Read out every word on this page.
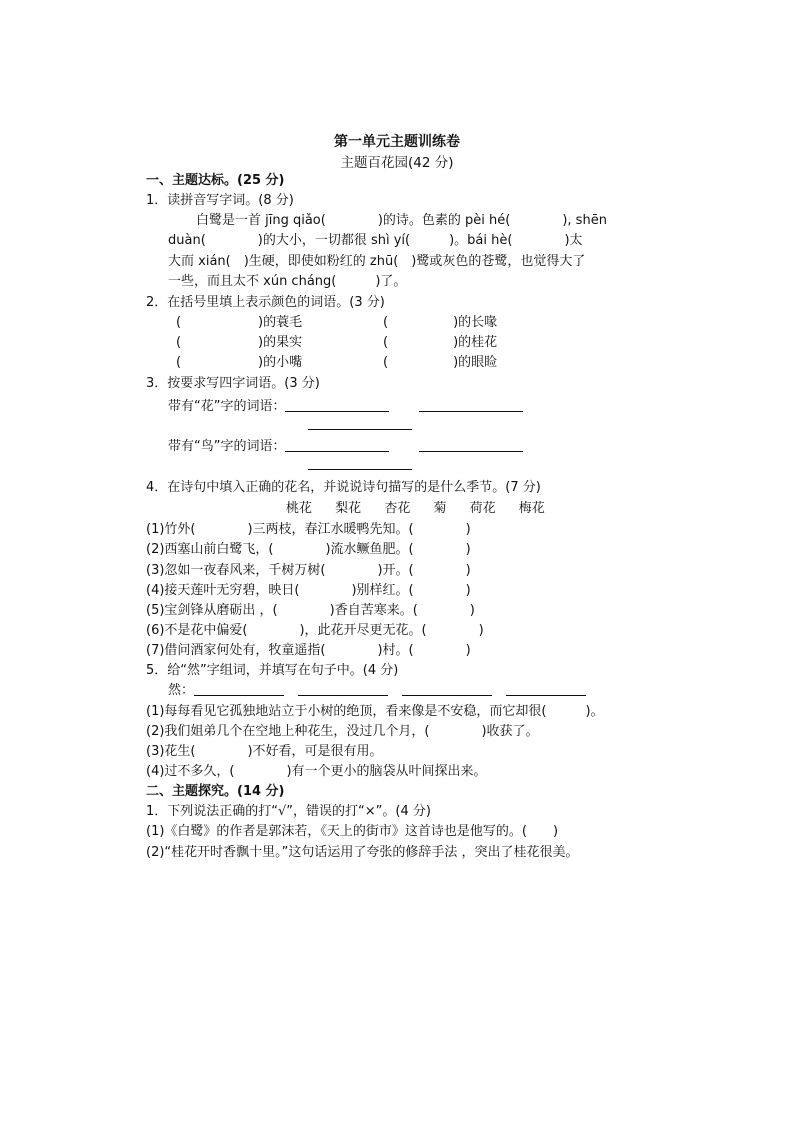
第一单元主题训练卷
主题百花园(42 分)
一、主题达标。(25 分)
1．读拼音写字词。(8 分)
白鹭是一首 jīng qiǎo(　　　　)的诗。色素的 pèi hé(　　　　), shēn
duàn(　　　　)的大小，一切都很 shì yí(　　　)。bái hè(　　　　)太
大而 xián(　)生硬，即使如粉红的 zhū(　)鹭或灰色的苍鹭，也觉得大了
一些，而且太不 xún cháng(　　　)了。
2．在括号里填上表示颜色的词语。(3 分)
(	)的蓑毛	(　　　　　)的长喙
(	)的果实	(　　　　　)的桂花
(	)的小嘴	(　　　　　)的眼睑
3．按要求写四字词语。(3 分)
带有“花”字的词语：
带有“鸟”字的词语：
4．在诗句中填入正确的花名，并说说诗句描写的是什么季节。(7 分)
桃花 梨花 杏花 菊 荷花 梅花
(1)竹外(　　　　)三两枝，春江水暖鸭先知。(　　　　)
(2)西塞山前白鹭飞，(　　　　)流水鳜鱼肥。(　　　　)
(3)忽如一夜春风来，千树万树(　　　　)开。(　　　　)
(4)接天莲叶无穷碧，映日(　　　　)别样红。(　　　　)
(5)宝剑锋从磨砺出 ，(　　　　)香自苦寒来。(　　　　)
(6)不是花中偏爱(　　　　)，此花开尽更无花。(　　　　)
(7)借问酒家何处有，牧童遥指(　　　　)村。(　　　　)
5．给“然”字组词，并填写在句子中。(4 分)
然：
(1)每每看见它孤独地站立于小树的绝顶，看来像是不安稳，而它却很(　　　)。
(2)我们姐弟几个在空地上种花生，没过几个月，(　　　　)收获了。
(3)花生(　　　　)不好看，可是很有用。
(4)过不多久，(　　　　)有一个更小的脑袋从叶间探出来。
二、主题探究。(14 分)
1．下列说法正确的打“√”，错误的打“×”。(4 分)
(1)《白鹭》的作者是郭沫若，《天上的街市》这首诗也是他写的。(　　)
(2)“桂花开时香飘十里。”这句话运用了夸张的修辞手法 ，突出了桂花很美。
